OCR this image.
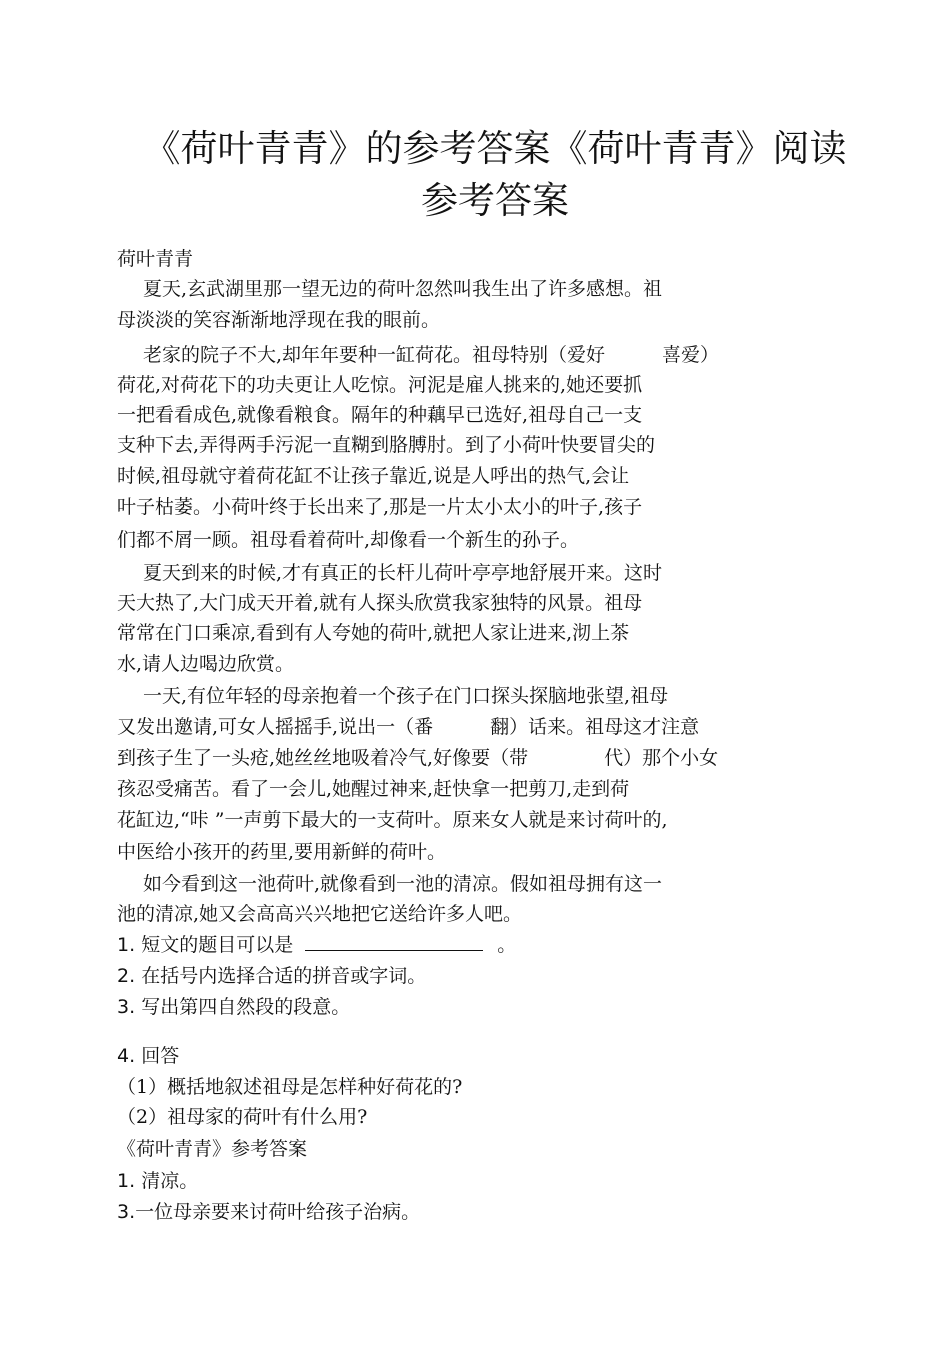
《荷叶青青》的参考答案《荷叶青青》阅读
参考答案

荷叶青青

夏天,玄武湖里那一望无边的荷叶忽然叫我生出了许多感想。祖

母淡淡的笑容渐渐地浮现在我的眼前。

老家的院子不大,却年年要种一缸荷花。祖母特别（爱好　　　喜爱）

荷花,对荷花下的功夫更让人吃惊。河泥是雇人挑来的,她还要抓

一把看看成色,就像看粮食。隔年的种藕早已选好,祖母自己一支

支种下去,弄得两手污泥一直糊到胳膊肘。到了小荷叶快要冒尖的

时候,祖母就守着荷花缸不让孩子靠近,说是人呼出的热气,会让

叶子枯萎。小荷叶终于长出来了,那是一片太小太小的叶子,孩子

们都不屑一顾。祖母看着荷叶,却像看一个新生的孙子。

夏天到来的时候,才有真正的长杆儿荷叶亭亭地舒展开来。这时

天大热了,大门成天开着,就有人探头欣赏我家独特的风景。祖母

常常在门口乘凉,看到有人夸她的荷叶,就把人家让进来,沏上茶

水,请人边喝边欣赏。

一天,有位年轻的母亲抱着一个孩子在门口探头探脑地张望,祖母

又发出邀请,可女人摇摇手,说出一（番　　　翻）话来。祖母这才注意

到孩子生了一头疮,她丝丝地吸着冷气,好像要（带　　　　代）那个小女

孩忍受痛苦。看了一会儿,她醒过神来,赶快拿一把剪刀,走到荷

花缸边,“咔 ”一声剪下最大的一支荷叶。原来女人就是来讨荷叶的,

中医给小孩开的药里,要用新鲜的荷叶。

如今看到这一池荷叶,就像看到一池的清凉。假如祖母拥有这一

池的清凉,她又会高高兴兴地把它送给许多人吧。

1. 短文的题目可以是	。

2. 在括号内选择合适的拼音或字词。

3. 写出第四自然段的段意。

4. 回答

（1）概括地叙述祖母是怎样种好荷花的?

（2）祖母家的荷叶有什么用?

《荷叶青青》参考答案

1. 清凉。

3.一位母亲要来讨荷叶给孩子治病。
